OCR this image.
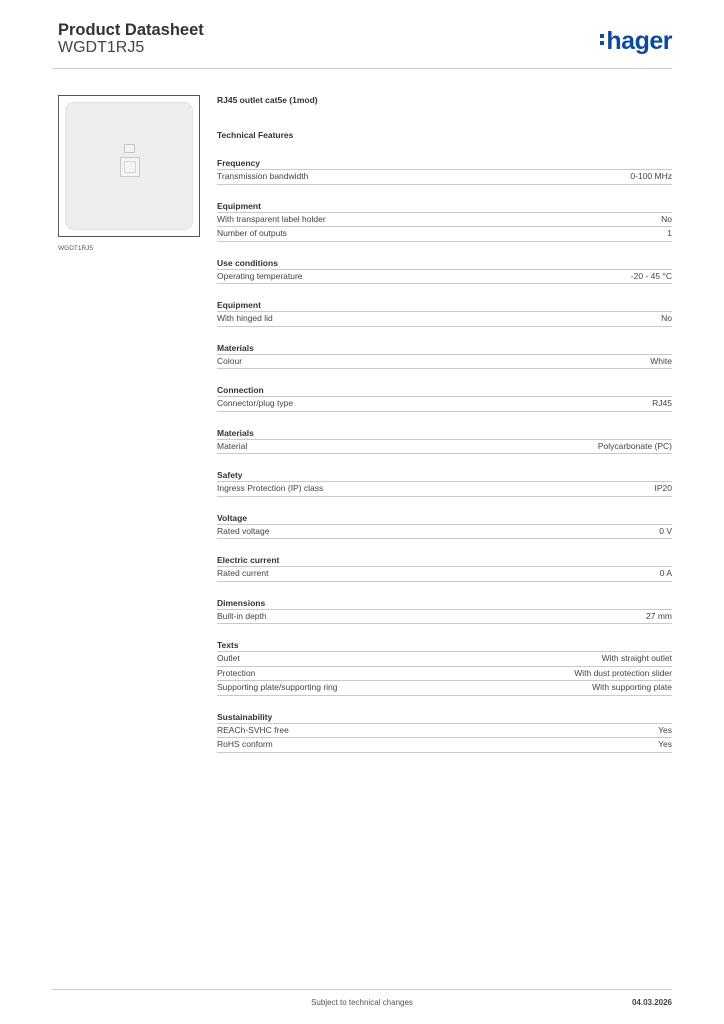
Product Datasheet
WGDT1RJ5	hager
WGDT1RJ5
RJ45 outlet cat5e (1mod)
Technical Features
Frequency
Transmission bandwidth	0-100 MHz
Equipment
With transparent label holder	No
Number of outputs	1
Use conditions
Operating temperature	-20 - 45 °C
Equipment
With hinged lid	No
Materials
Colour	White
Connection
Connector/plug type	RJ45
Materials
Material	Polycarbonate (PC)
Safety
Ingress Protection (IP) class	IP20
Voltage
Rated voltage	0 V
Electric current
Rated current	0 A
Dimensions
Built-in depth	27 mm
Texts
Outlet	With straight outlet
Protection	With dust protection slider
Supporting plate/supporting ring	With supporting plate
Sustainability
REACh-SVHC free	Yes
RoHS conform	Yes
Subject to technical changes	04.03.2026
